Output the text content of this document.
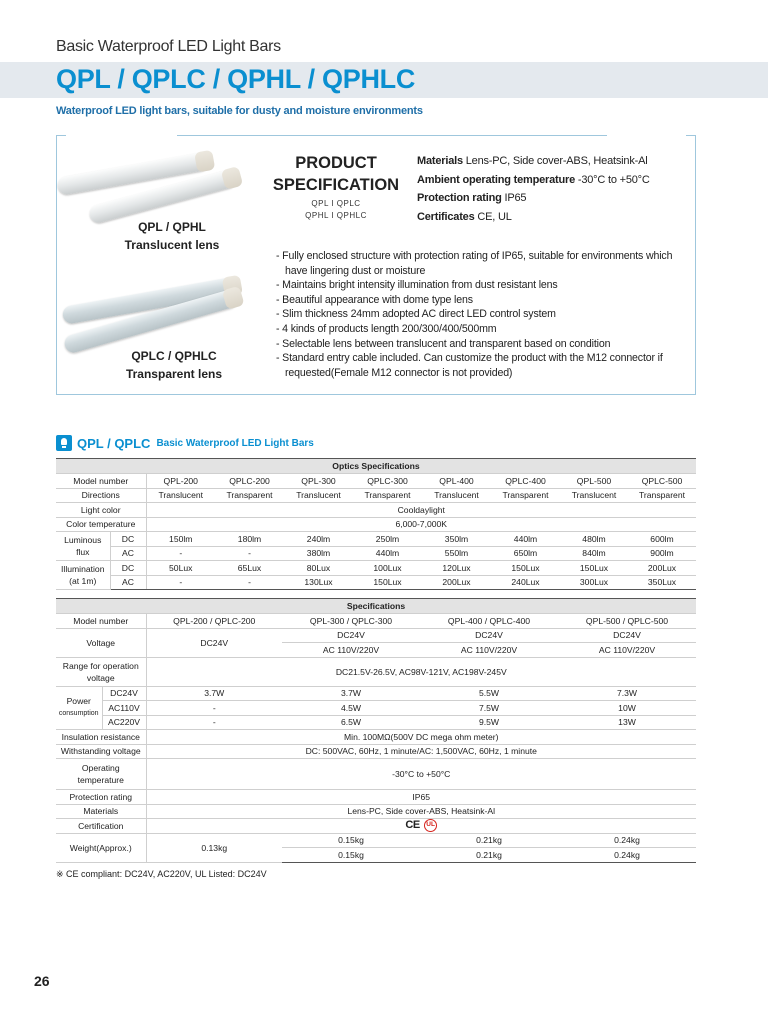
Basic Waterproof LED Light Bars
QPL / QPLC / QPHL / QPHLC
Waterproof LED light bars, suitable for dusty and moisture environments
QPL / QPHL
Translucent lens
QPLC / QPHLC
Transparent lens
PRODUCT
SPECIFICATION
QPL I QPLC
QPHL I QPHLC
Materials Lens-PC, Side cover-ABS, Heatsink-Al
Ambient operating temperature -30°C to +50°C
Protection rating IP65
Certificates CE, UL
- Fully enclosed structure with protection rating of IP65, suitable for environments which have lingering dust or moisture
- Maintains bright intensity illumination from dust resistant lens
- Beautiful appearance with dome type lens
- Slim thickness 24mm adopted AC direct LED control system
- 4 kinds of products length 200/300/400/500mm
- Selectable lens between translucent and transparent based on condition
- Standard entry cable included. Can customize the product with the M12 connector if requested(Female M12 connector is not provided)
QPL / QPLC Basic Waterproof LED Light Bars
Optics Specifications									
Model number		QPL-200	QPLC-200	QPL-300	QPLC-300	QPL-400	QPLC-400	QPL-500	QPLC-500
Directions		Translucent	Transparent	Translucent	Transparent	Translucent	Transparent	Translucent	Transparent
Light color		Cooldaylight							
Color temperature		6,000-7,000K							
Luminous
flux	DC	150lm	180lm	240lm	250lm	350lm	440lm	480lm	600lm
	AC	-	-	380lm	440lm	550lm	650lm	840lm	900lm
Illumination
(at 1m)	DC	50Lux	65Lux	80Lux	100Lux	120Lux	150Lux	150Lux	200Lux
	AC	-	-	130Lux	150Lux	200Lux	240Lux	300Lux	350Lux
Specifications					
Model number		QPL-200 / QPLC-200	QPL-300 / QPLC-300	QPL-400 / QPLC-400	QPL-500 / QPLC-500
Voltage		DC24V	DC24V	DC24V	DC24V
			AC 110V/220V	AC 110V/220V	AC 110V/220V
Range for operation voltage		DC21.5V-26.5V, AC98V-121V, AC198V-245V			
Power
consumption	DC24V	3.7W	3.7W	5.5W	7.3W
	AC110V	-	4.5W	7.5W	10W
	AC220V	-	6.5W	9.5W	13W
Insulation resistance		Min. 100MΩ(500V DC mega ohm meter)			
Withstanding voltage		DC: 500VAC, 60Hz, 1 minute/AC: 1,500VAC, 60Hz, 1 minute			
Operating temperature		-30°C to +50°C			
Protection rating		IP65			
Materials		Lens-PC, Side cover-ABS, Heatsink-Al			
Certification		CE UL			
Weight(Approx.)		0.13kg	0.15kg	0.21kg	0.24kg
			0.15kg	0.21kg	0.24kg
※ CE compliant: DC24V, AC220V, UL Listed: DC24V
26
